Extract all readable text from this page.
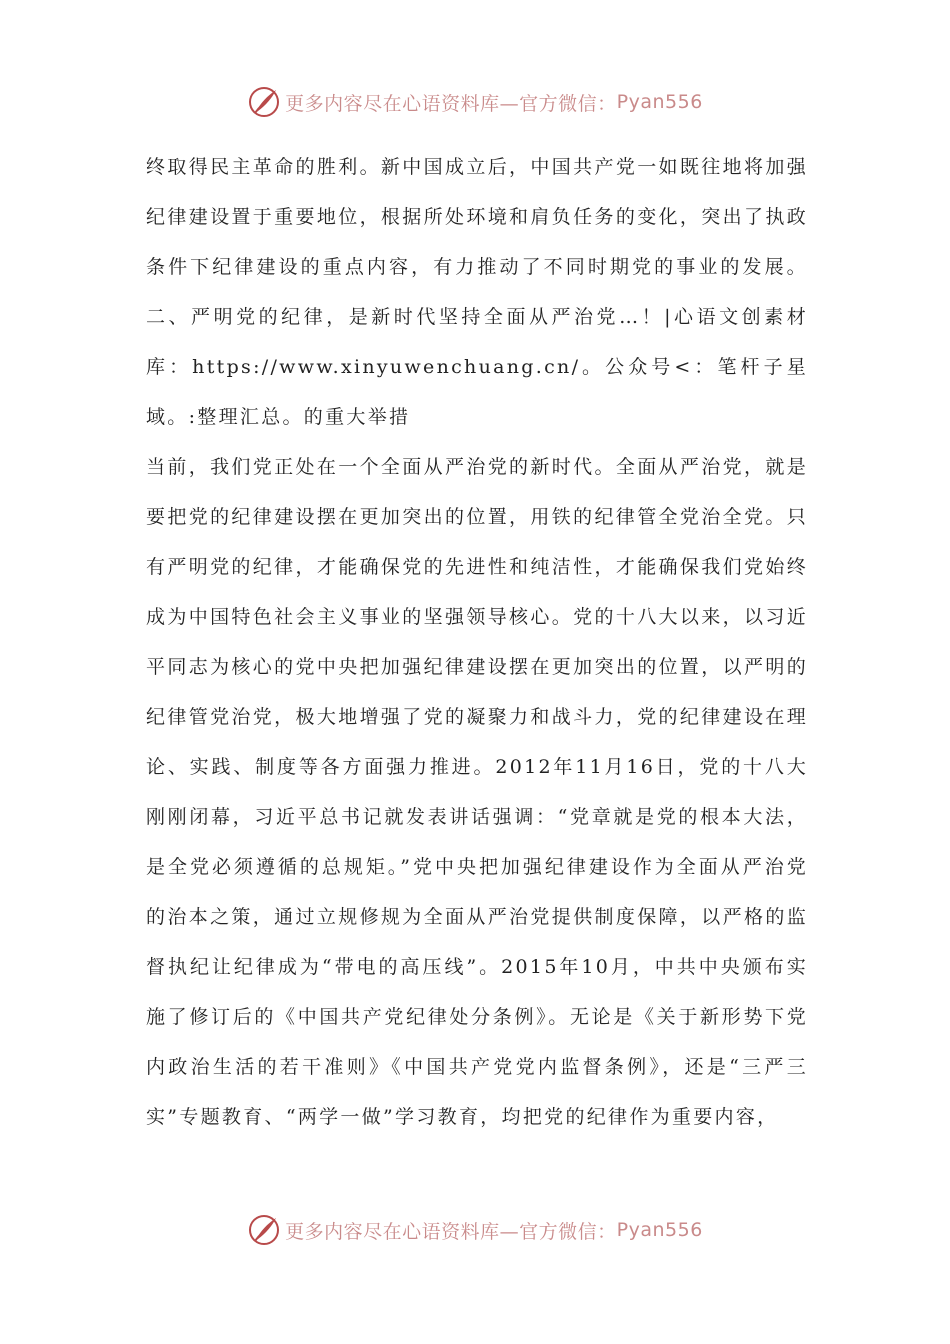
更多内容尽在心语资料库—官方微信： Pyan556

终取得民主革命的胜利。新中国成立后，中国共产党一如既往地将加强纪律建设置于重要地位，根据所处环境和肩负任务的变化，突出了执政条件下纪律建设的重点内容，有力推动了不同时期党的事业的发展。二、严明党的纪律，是新时代坚持全面从严治党…！|心语文创素材库：https://www.xinyuwenchuang.cn/。公众号<：笔杆子星域。:整理汇总。的重大举措

当前，我们党正处在一个全面从严治党的新时代。全面从严治党，就是要把党的纪律建设摆在更加突出的位置，用铁的纪律管全党治全党。只有严明党的纪律，才能确保党的先进性和纯洁性，才能确保我们党始终成为中国特色社会主义事业的坚强领导核心。党的十八大以来，以习近平同志为核心的党中央把加强纪律建设摆在更加突出的位置，以严明的纪律管党治党，极大地增强了党的凝聚力和战斗力，党的纪律建设在理论、实践、制度等各方面强力推进。2012年11月16日，党的十八大刚刚闭幕，习近平总书记就发表讲话强调：“党章就是党的根本大法，是全党必须遵循的总规矩。”党中央把加强纪律建设作为全面从严治党的治本之策，通过立规修规为全面从严治党提供制度保障，以严格的监督执纪让纪律成为“带电的高压线”。2015年10月，中共中央颁布实施了修订后的《中国共产党纪律处分条例》。无论是《关于新形势下党内政治生活的若干准则》《中国共产党党内监督条例》，还是“三严三实”专题教育、“两学一做”学习教育，均把党的纪律作为重要内容，

更多内容尽在心语资料库—官方微信： Pyan556
